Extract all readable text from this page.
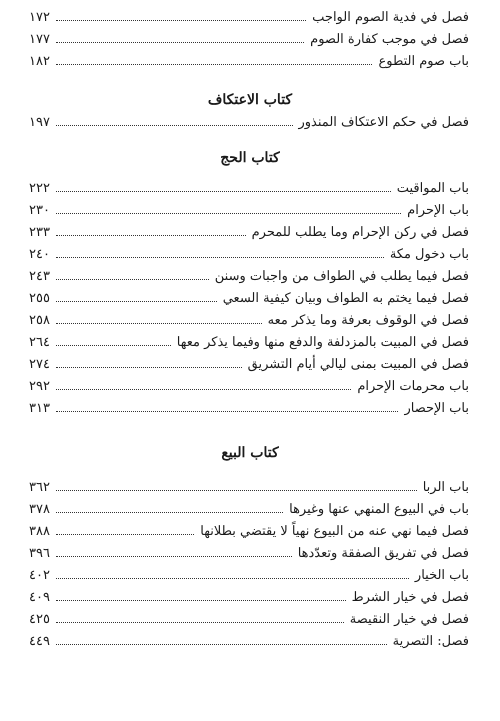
فصل في فدية الصوم الواجب
١٧٢
فصل في موجب كفارة الصوم
١٧٧
باب صوم التطوع
١٨٢
كتاب الاعتكاف
فصل في حكم الاعتكاف المنذور
١٩٧
كتاب الحج
باب المواقيت
٢٢٢
باب الإحرام
٢٣٠
فصل في ركن الإحرام وما يطلب للمحرم
٢٣٣
باب دخول مكة
٢٤٠
فصل فيما يطلب في الطواف من واجبات وسنن
٢٤٣
فصل فيما يختم به الطواف وبيان كيفية السعي
٢٥٥
فصل في الوقوف بعرفة وما يذكر معه
٢٥٨
فصل في المبيت بالمزدلفة والدفع منها وفيما يذكر معها
٢٦٤
فصل في المبيت بمنى ليالي أيام التشريق
٢٧٤
باب محرمات الإحرام
٢٩٢
باب الإحصار
٣١٣
كتاب البيع
باب الربا
٣٦٢
باب في البيوع المنهي عنها وغيرها
٣٧٨
فصل فيما نهي عنه من البيوع نهياً لا يقتضي بطلانها
٣٨٨
فصل في تفريق الصفقة وتعدّدها
٣٩٦
باب الخيار
٤٠٢
فصل في خيار الشرط
٤٠٩
فصل في خيار النقيصة
٤٢٥
فصل: التصرية
٤٤٩
